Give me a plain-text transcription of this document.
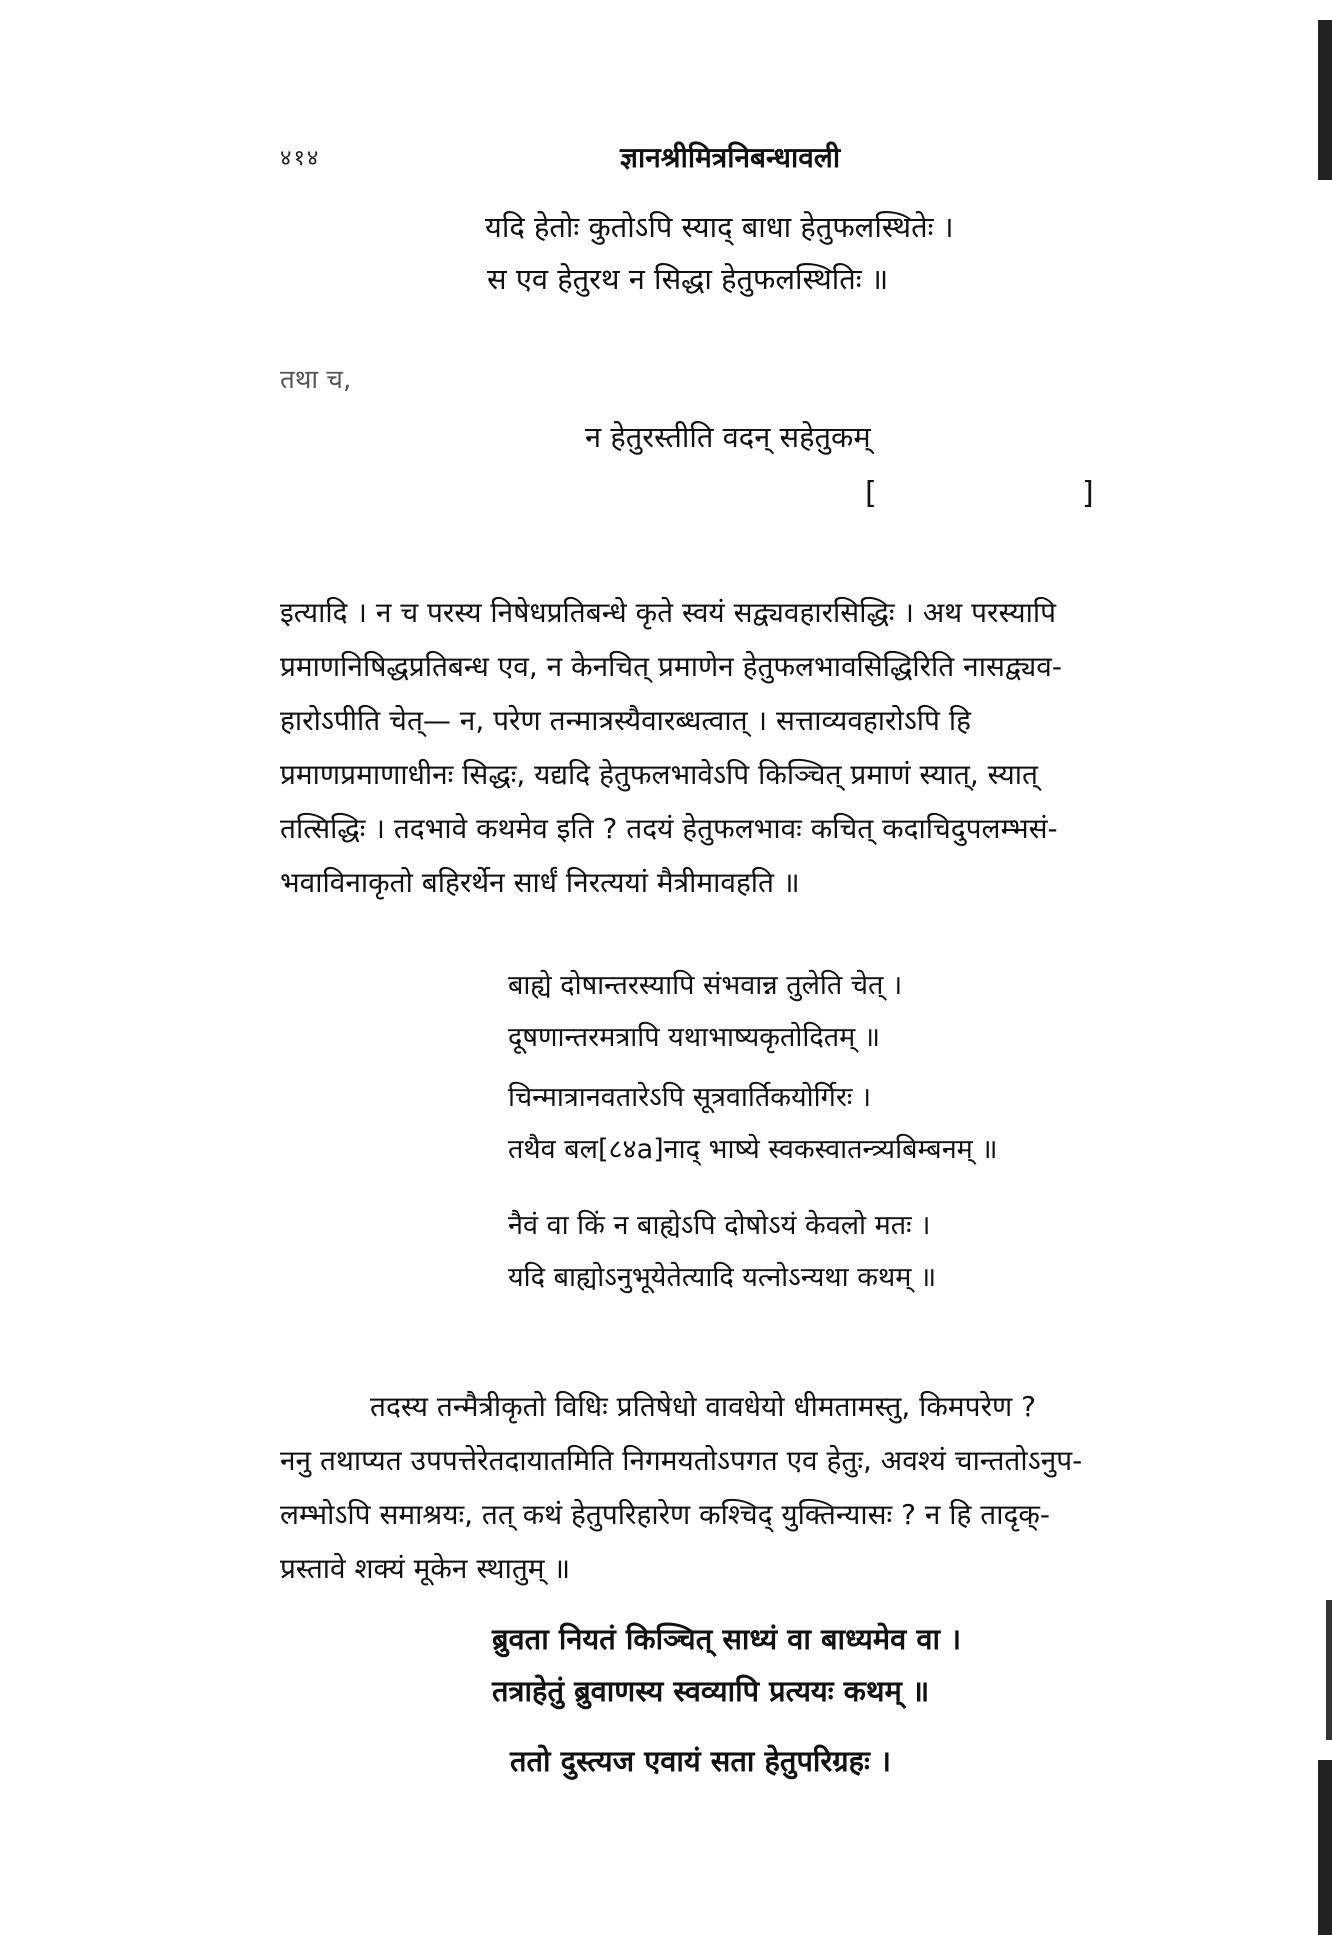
४१४	ज्ञानश्रीमित्रनिबन्धावली
यदि हेतोः कुतोऽपि स्याद् बाधा हेतुफलस्थितेः ।
स एव हेतुरथ न सिद्धा हेतुफलस्थितिः ॥
तथा च,
न हेतुरस्तीति वदन् सहेतुकम्
[	]

इत्यादि । न च परस्य निषेधप्रतिबन्धे कृते स्वयं सद्व्यवहारसिद्धिः । अथ परस्यापि

प्रमाणनिषिद्धप्रतिबन्ध एव, न केनचित् प्रमाणेन हेतुफलभावसिद्धिरिति नासद्व्यव-

हारोऽपीति चेत्— न, परेण तन्मात्रस्यैवारब्धत्वात् । सत्ताव्यवहारोऽपि हि

प्रमाणप्रमाणाधीनः सिद्धः, यद्यदि हेतुफलभावेऽपि किञ्चित् प्रमाणं स्यात्, स्यात्

तत्सिद्धिः । तदभावे कथमेव इति ? तदयं हेतुफलभावः कचित् कदाचिदुपलम्भसं-

भवाविनाकृतो बहिरर्थेन सार्धं निरत्ययां मैत्रीमावहति ॥

बाह्ये दोषान्तरस्यापि संभवान्न तुलेति चेत् ।
दूषणान्तरमत्रापि यथाभाष्यकृतोदितम् ॥
चिन्मात्रानवतारेऽपि सूत्रवार्तिकयोर्गिरः ।
तथैव बल[८४a]नाद् भाष्ये स्वकस्वातन्त्र्यबिम्बनम् ॥
नैवं वा किं न बाह्येऽपि दोषोऽयं केवलो मतः ।
यदि बाह्योऽनुभूयेतेत्यादि यत्नोऽन्यथा कथम् ॥

तदस्य तन्मैत्रीकृतो विधिः प्रतिषेधो वावधेयो धीमतामस्तु, किमपरेण ?

ननु तथाप्यत उपपत्तेरेतदायातमिति निगमयतोऽपगत एव हेतुः, अवश्यं चान्ततोऽनुप-

लम्भोऽपि समाश्रयः, तत् कथं हेतुपरिहारेण कश्चिद् युक्तिन्यासः ? न हि तादृक्-

प्रस्तावे शक्यं मूकेन स्थातुम् ॥

ब्रुवता नियतं किञ्चित् साध्यं वा बाध्यमेव वा ।
तत्राहेतुं ब्रुवाणस्य स्वव्यापि प्रत्ययः कथम् ॥
ततो दुस्त्यज एवायं सता हेतुपरिग्रहः ।
